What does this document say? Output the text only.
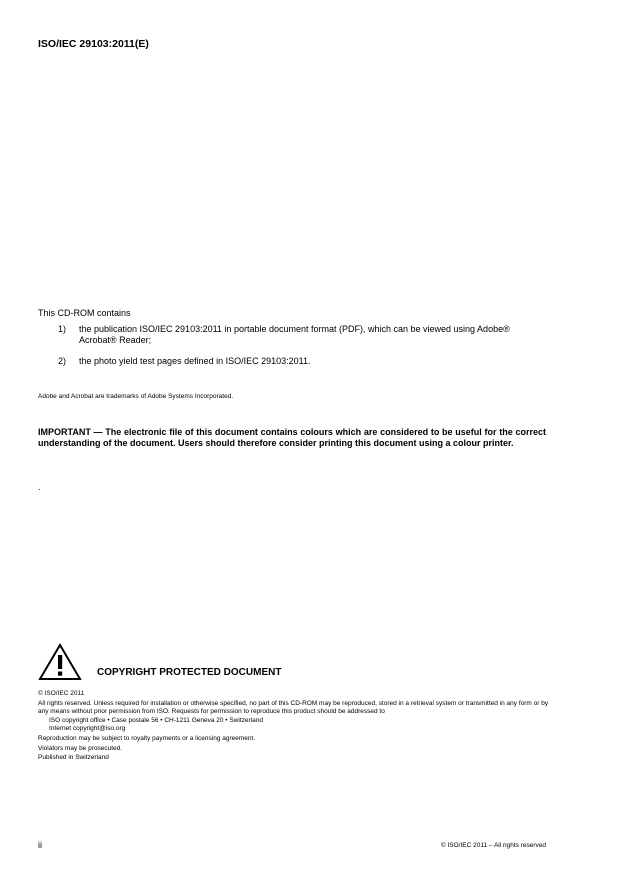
ISO/IEC 29103:2011(E)
This CD-ROM contains
1)	the publication ISO/IEC 29103:2011 in portable document format (PDF), which can be viewed using Adobe® Acrobat® Reader;
2)	the photo yield test pages defined in ISO/IEC 29103:2011.
Adobe and Acrobat are trademarks of Adobe Systems Incorporated.
IMPORTANT — The electronic file of this document contains colours which are considered to be useful for the correct understanding of the document. Users should therefore consider printing this document using a colour printer.
.
COPYRIGHT PROTECTED DOCUMENT

© ISO/IEC 2011

All rights reserved. Unless required for installation or otherwise specified, no part of this CD-ROM may be reproduced, stored in a retrieval system or transmitted in any form or by any means without prior permission from ISO. Requests for permission to reproduce this product should be addressed to

ISO copyright office • Case postale 56 • CH-1211 Geneva 20 • Switzerland

Internet copyright@iso.org

Reproduction may be subject to royalty payments or a licensing agreement.

Violators may be prosecuted.

Published in Switzerland

ii	© ISO/IEC 2011 – All rights reserved
